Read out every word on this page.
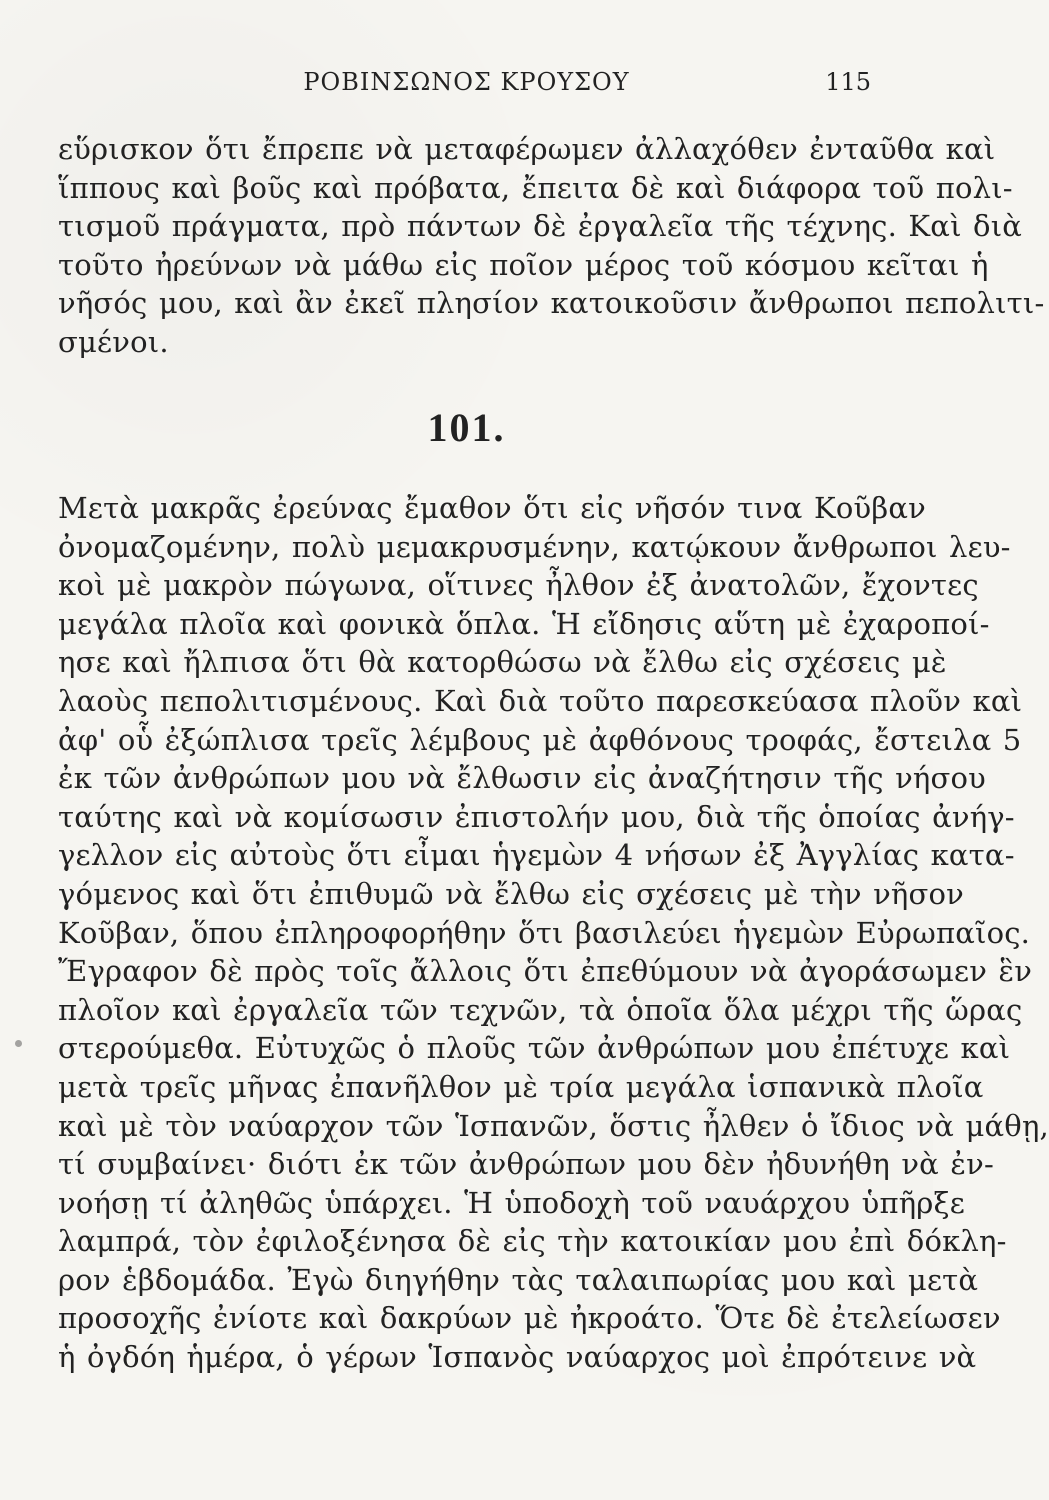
ΡΟΒΙΝΣΩΝΟΣ ΚΡΟΥΣΟΥ	115
εὕρισκον ὅτι ἔπρεπε νὰ μεταφέρωμεν ἀλλαχόθεν ἐνταῦθα καὶ
ἵππους καὶ βοῦς καὶ πρόβατα, ἔπειτα δὲ καὶ διάφορα τοῦ πολι-
τισμοῦ πράγματα, πρὸ πάντων δὲ ἐργαλεῖα τῆς τέχνης. Καὶ διὰ
τοῦτο ἠρεύνων νὰ μάθω εἰς ποῖον μέρος τοῦ κόσμου κεῖται ἡ
νῆσός μου, καὶ ἂν ἐκεῖ πλησίον κατοικοῦσιν ἄνθρωποι πεπολιτι-
σμένοι.
101.
Μετὰ μακρᾶς ἐρεύνας ἔμαθον ὅτι εἰς νῆσόν τινα Κοῦβαν
ὀνομαζομένην, πολὺ μεμακρυσμένην, κατῴκουν ἄνθρωποι λευ-
κοὶ μὲ μακρὸν πώγωνα, οἵτινες ἦλθον ἐξ ἀνατολῶν, ἔχοντες
μεγάλα πλοῖα καὶ φονικὰ ὅπλα. Ἡ εἴδησις αὕτη μὲ ἐχαροποί-
ησε καὶ ἤλπισα ὅτι θὰ κατορθώσω νὰ ἔλθω εἰς σχέσεις μὲ
λαοὺς πεπολιτισμένους. Καὶ διὰ τοῦτο παρεσκεύασα πλοῦν καὶ
ἀφ' οὗ ἐξώπλισα τρεῖς λέμβους μὲ ἀφθόνους τροφάς, ἔστειλα 5
ἐκ τῶν ἀνθρώπων μου νὰ ἔλθωσιν εἰς ἀναζήτησιν τῆς νήσου
ταύτης καὶ νὰ κομίσωσιν ἐπιστολήν μου, διὰ τῆς ὁποίας ἀνήγ-
γελλον εἰς αὐτοὺς ὅτι εἶμαι ἡγεμὼν 4 νήσων ἐξ Ἀγγλίας κατα-
γόμενος καὶ ὅτι ἐπιθυμῶ νὰ ἔλθω εἰς σχέσεις μὲ τὴν νῆσον
Κοῦβαν, ὅπου ἐπληροφορήθην ὅτι βασιλεύει ἡγεμὼν Εὐρωπαῖος.
Ἔγραφον δὲ πρὸς τοῖς ἄλλοις ὅτι ἐπεθύμουν νὰ ἀγοράσωμεν ἓν
πλοῖον καὶ ἐργαλεῖα τῶν τεχνῶν, τὰ ὁποῖα ὅλα μέχρι τῆς ὥρας
στερούμεθα. Εὐτυχῶς ὁ πλοῦς τῶν ἀνθρώπων μου ἐπέτυχε καὶ
μετὰ τρεῖς μῆνας ἐπανῆλθον μὲ τρία μεγάλα ἱσπανικὰ πλοῖα
καὶ μὲ τὸν ναύαρχον τῶν Ἱσπανῶν, ὅστις ἦλθεν ὁ ἴδιος νὰ μάθῃ,
τί συμβαίνει· διότι ἐκ τῶν ἀνθρώπων μου δὲν ἠδυνήθη νὰ ἐν-
νοήσῃ τί ἀληθῶς ὑπάρχει. Ἡ ὑποδοχὴ τοῦ ναυάρχου ὑπῆρξε
λαμπρά, τὸν ἐφιλοξένησα δὲ εἰς τὴν κατοικίαν μου ἐπὶ δόκλη-
ρον ἑβδομάδα. Ἐγὼ διηγήθην τὰς ταλαιπωρίας μου καὶ μετὰ
προσοχῆς ἐνίοτε καὶ δακρύων μὲ ἠκροάτο. Ὅτε δὲ ἐτελείωσεν
ἡ ὀγδόη ἡμέρα, ὁ γέρων Ἱσπανὸς ναύαρχος μοὶ ἐπρότεινε νὰ
